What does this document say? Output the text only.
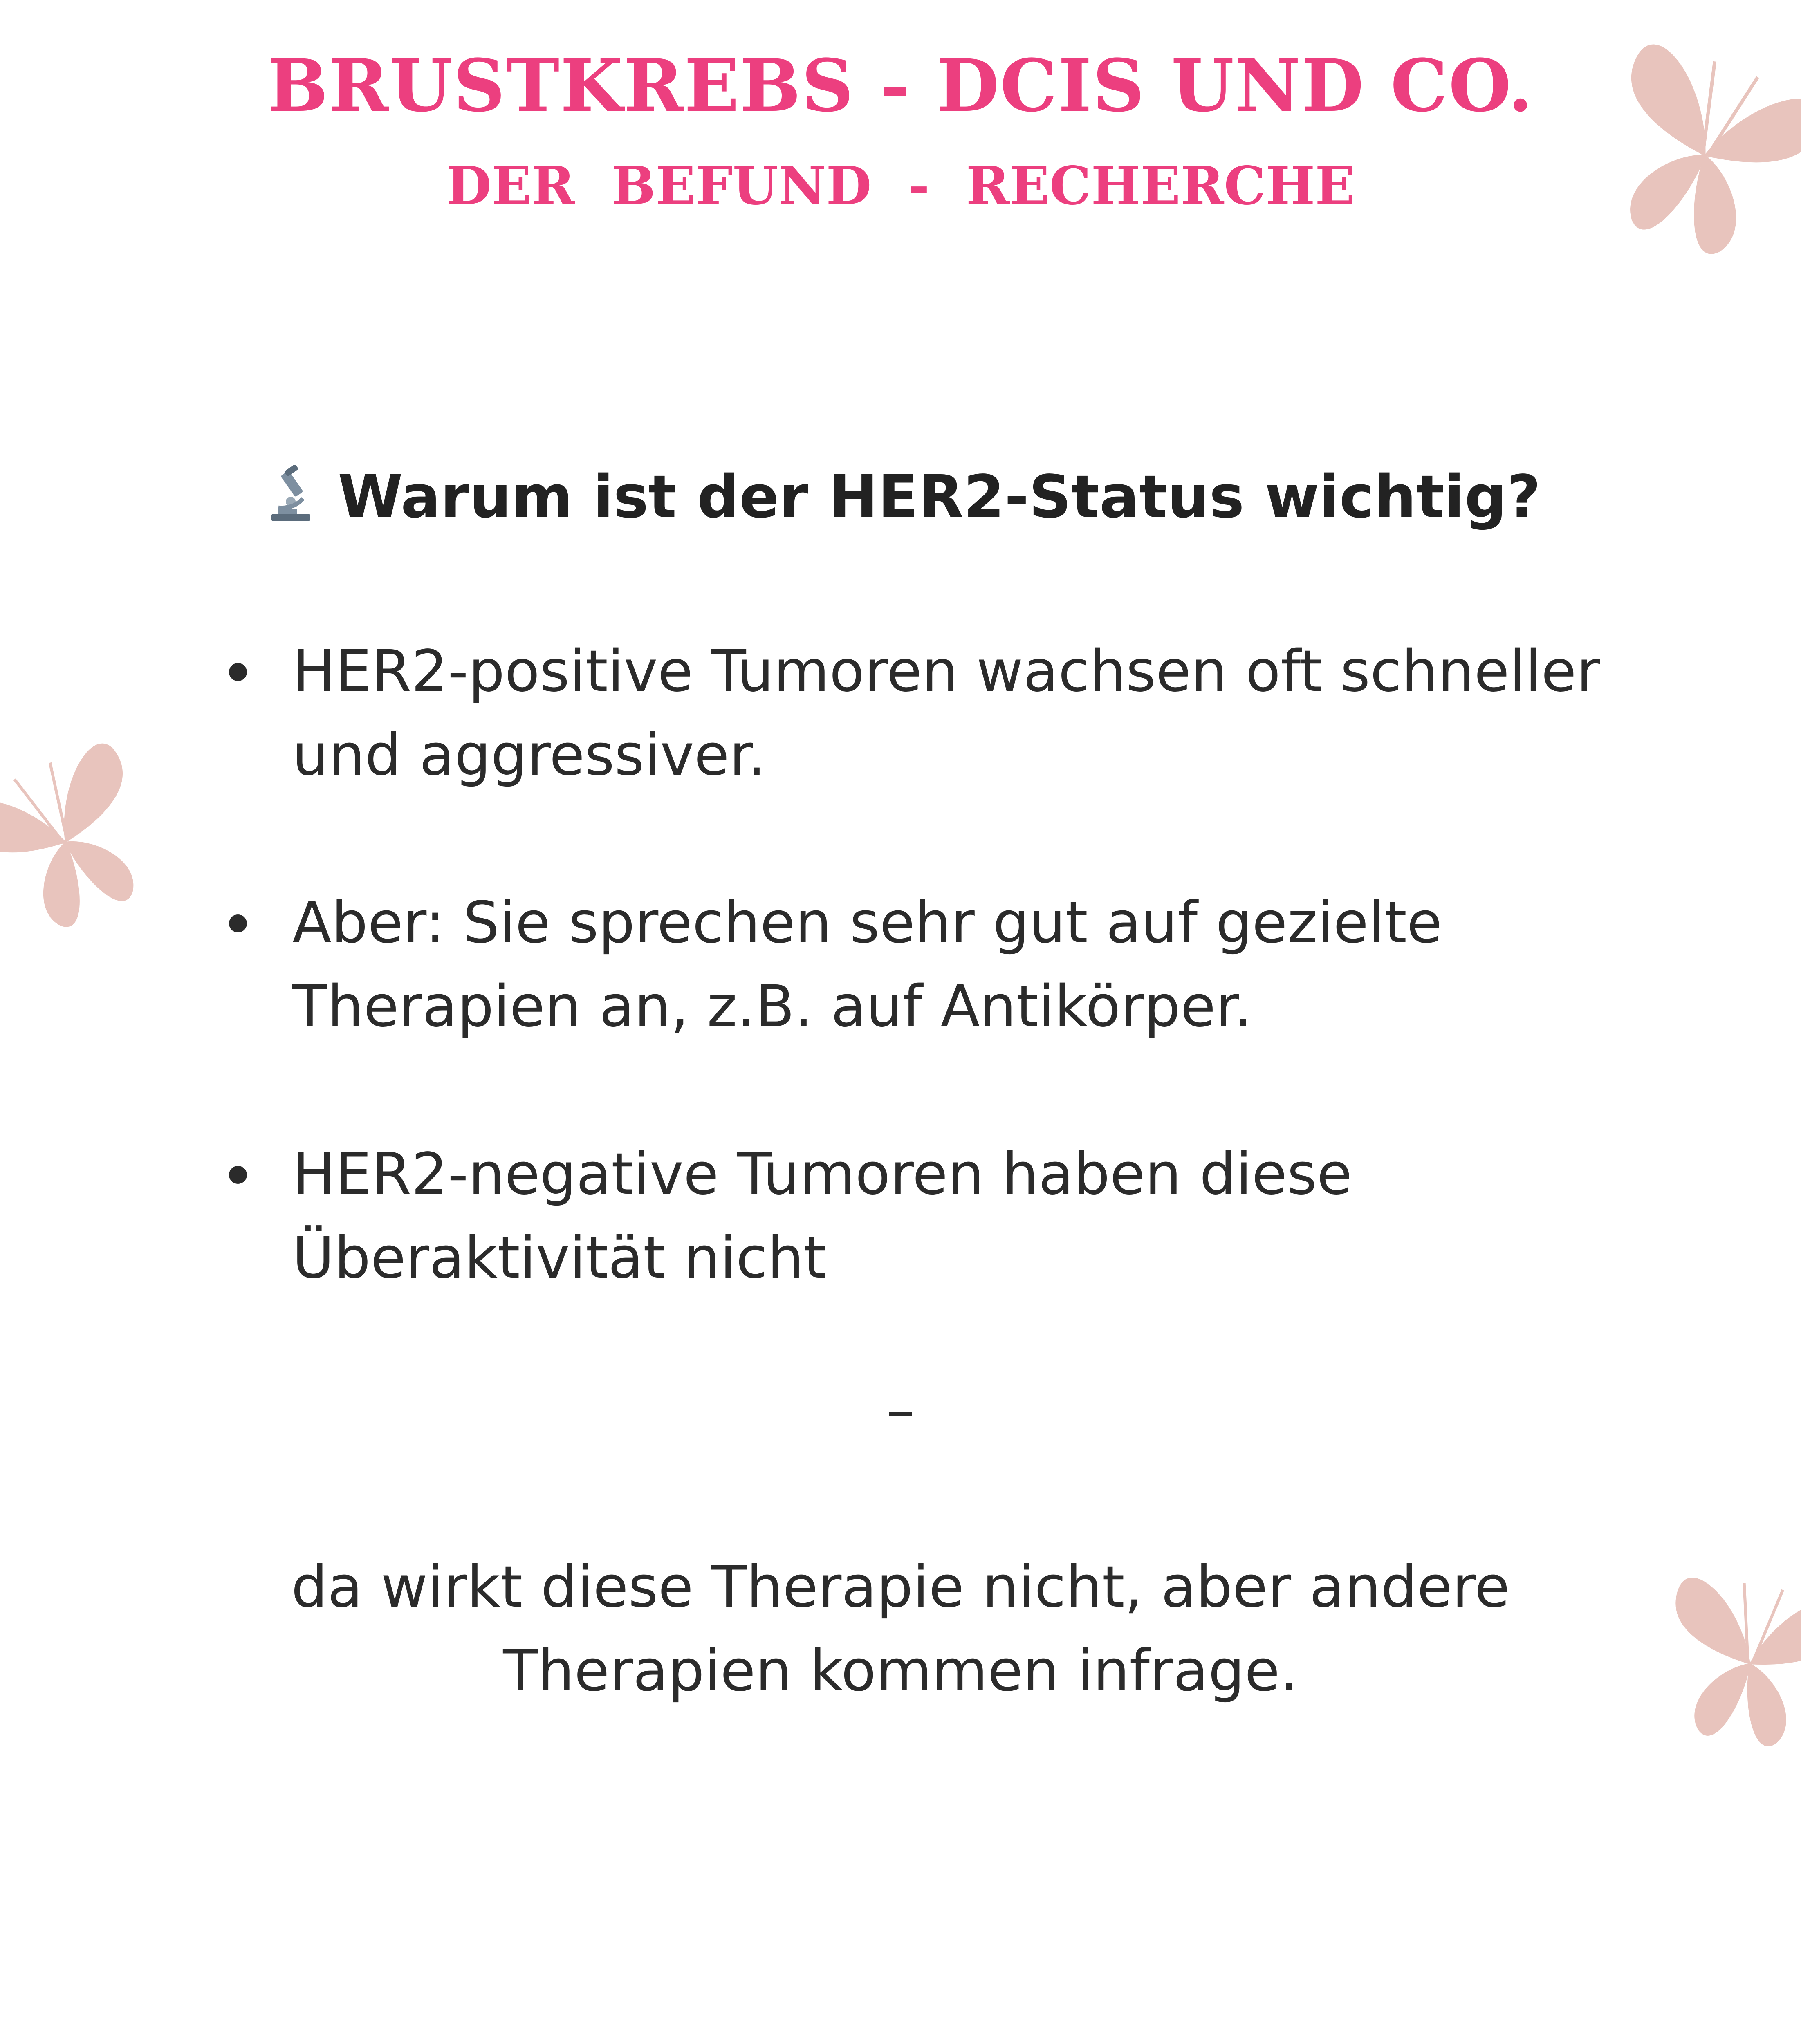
BRUSTKREBS - DCIS UND CO.
DER  BEFUND  -  RECHERCHE
Warum ist der HER2-Status wichtig?
HER2-positive Tumoren wachsen oft schneller und aggressiver.
Aber: Sie sprechen sehr gut auf gezielte Therapien an, z.B. auf Antikörper.
HER2-negative Tumoren haben diese Überaktivität nicht
–
da wirkt diese Therapie nicht, aber andere Therapien kommen infrage.
